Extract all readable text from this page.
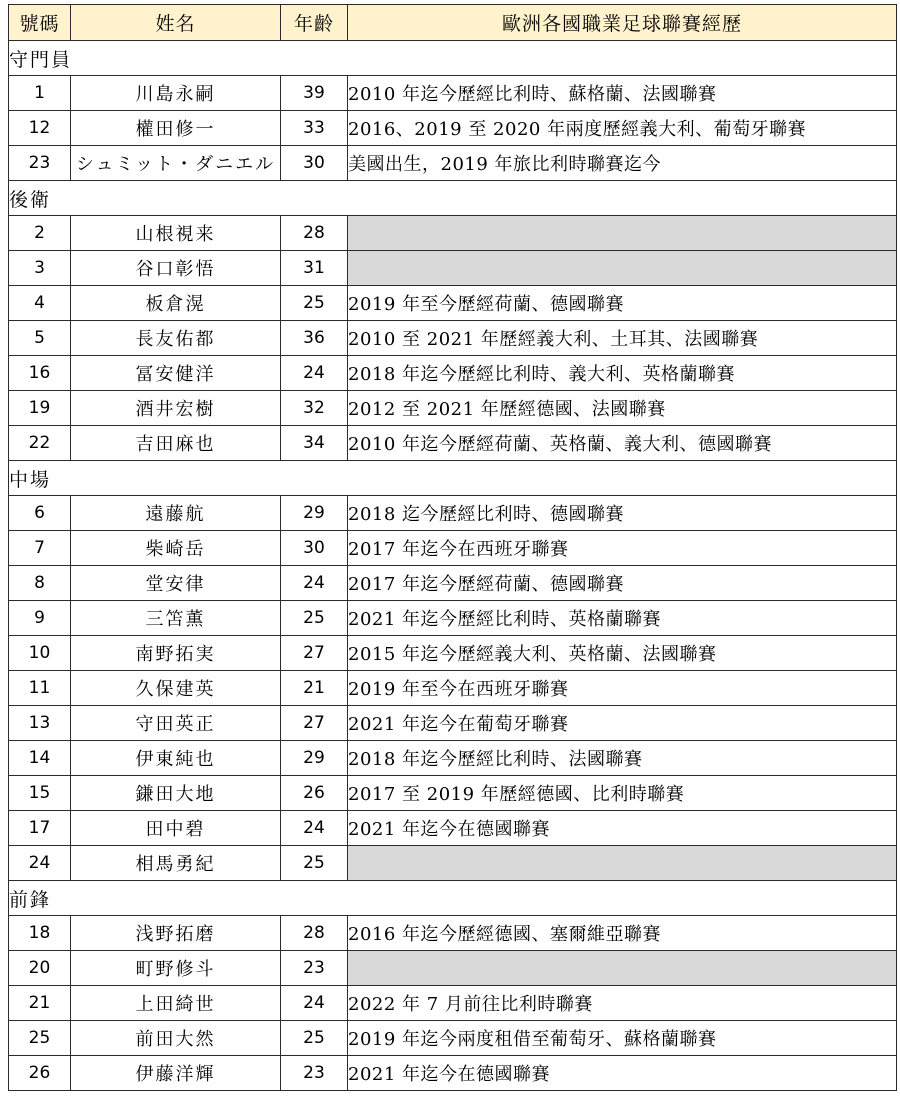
號碼	姓名	年齡	歐洲各國職業足球聯賽經歷
守門員			
1	川島永嗣	39	2010 年迄今歷經比利時、蘇格蘭、法國聯賽
12	權田修一	33	2016、2019 至 2020 年兩度歷經義大利、葡萄牙聯賽
23	シュミット・ダニエル	30	美國出生，2019 年旅比利時聯賽迄今
後衛			
2	山根視来	28	
3	谷口彰悟	31	
4	板倉滉	25	2019 年至今歷經荷蘭、德國聯賽
5	長友佑都	36	2010 至 2021 年歷經義大利、土耳其、法國聯賽
16	冨安健洋	24	2018 年迄今歷經比利時、義大利、英格蘭聯賽
19	酒井宏樹	32	2012 至 2021 年歷經德國、法國聯賽
22	吉田麻也	34	2010 年迄今歷經荷蘭、英格蘭、義大利、德國聯賽
中場			
6	遠藤航	29	2018 迄今歷經比利時、德國聯賽
7	柴崎岳	30	2017 年迄今在西班牙聯賽
8	堂安律	24	2017 年迄今歷經荷蘭、德國聯賽
9	三笘薫	25	2021 年迄今歷經比利時、英格蘭聯賽
10	南野拓実	27	2015 年迄今歷經義大利、英格蘭、法國聯賽
11	久保建英	21	2019 年至今在西班牙聯賽
13	守田英正	27	2021 年迄今在葡萄牙聯賽
14	伊東純也	29	2018 年迄今歷經比利時、法國聯賽
15	鎌田大地	26	2017 至 2019 年歷經德國、比利時聯賽
17	田中碧	24	2021 年迄今在德國聯賽
24	相馬勇紀	25	
前鋒			
18	浅野拓磨	28	2016 年迄今歷經德國、塞爾維亞聯賽
20	町野修斗	23	
21	上田綺世	24	2022 年 7 月前往比利時聯賽
25	前田大然	25	2019 年迄今兩度租借至葡萄牙、蘇格蘭聯賽
26	伊藤洋輝	23	2021 年迄今在德國聯賽
